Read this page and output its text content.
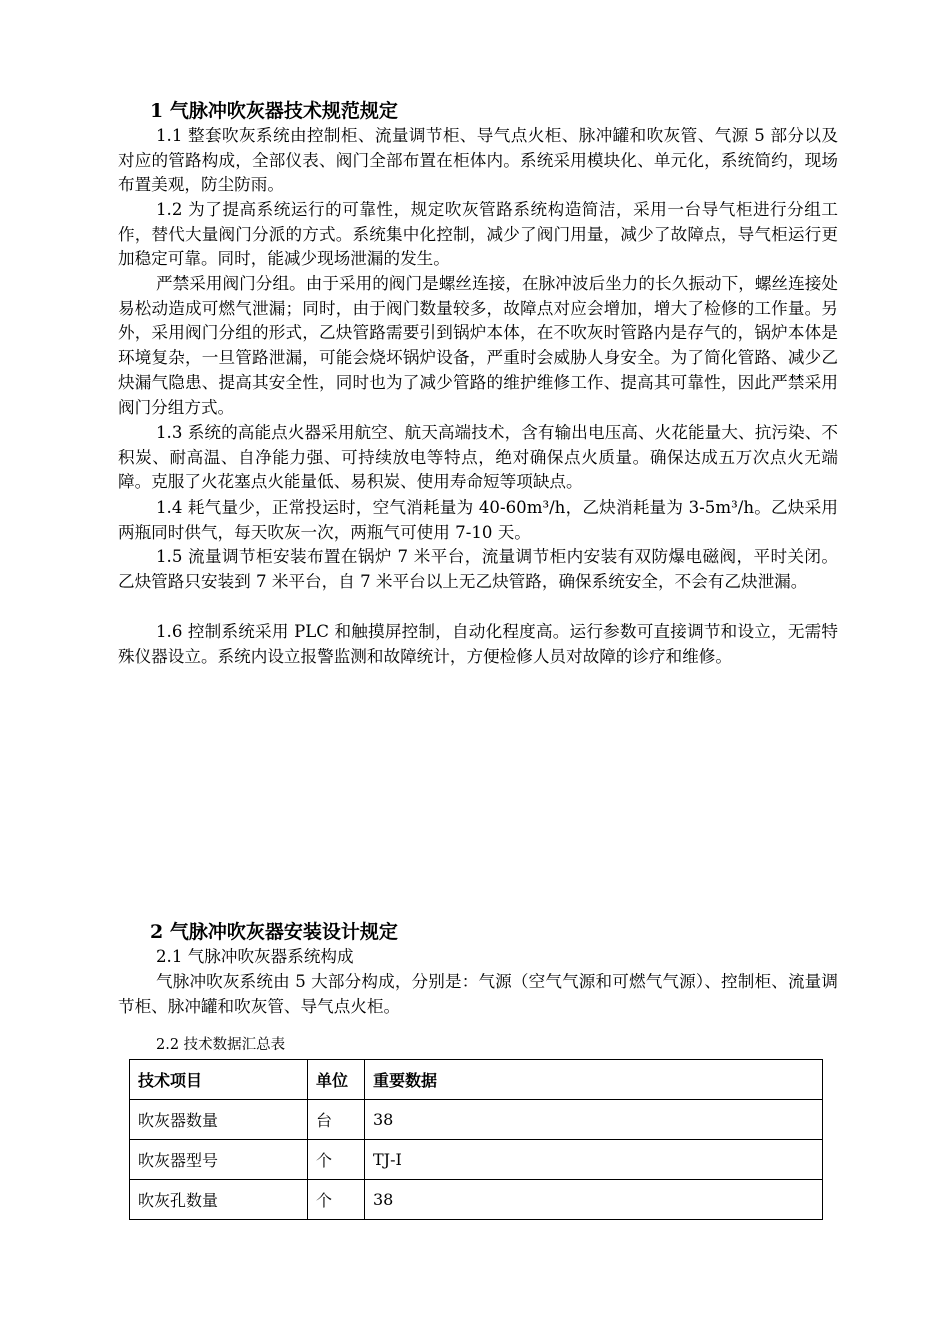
1 气脉冲吹灰器技术规范规定

1.1 整套吹灰系统由控制柜、流量调节柜、导气点火柜、脉冲罐和吹灰管、气源 5 部分以及对应的管路构成，全部仪表、阀门全部布置在柜体内。系统采用模块化、单元化，系统简约，现场布置美观，防尘防雨。

1.2 为了提高系统运行的可靠性，规定吹灰管路系统构造简洁，采用一台导气柜进行分组工作，替代大量阀门分派的方式。系统集中化控制，减少了阀门用量，减少了故障点，导气柜运行更加稳定可靠。同时，能减少现场泄漏的发生。

严禁采用阀门分组。由于采用的阀门是螺丝连接，在脉冲波后坐力的长久振动下，螺丝连接处易松动造成可燃气泄漏；同时，由于阀门数量较多，故障点对应会增加，增大了检修的工作量。另外，采用阀门分组的形式，乙炔管路需要引到锅炉本体，在不吹灰时管路内是存气的，锅炉本体是环境复杂，一旦管路泄漏，可能会烧坏锅炉设备，严重时会威胁人身安全。为了简化管路、减少乙炔漏气隐患、提高其安全性，同时也为了减少管路的维护维修工作、提高其可靠性，因此严禁采用阀门分组方式。

1.3 系统的高能点火器采用航空、航天高端技术，含有输出电压高、火花能量大、抗污染、不积炭、耐高温、自净能力强、可持续放电等特点，绝对确保点火质量。确保达成五万次点火无端障。克服了火花塞点火能量低、易积炭、使用寿命短等项缺点。

1.4 耗气量少，正常投运时，空气消耗量为 40-60m³/h，乙炔消耗量为 3-5m³/h。乙炔采用两瓶同时供气，每天吹灰一次，两瓶气可使用 7-10 天。

1.5 流量调节柜安装布置在锅炉 7 米平台，流量调节柜内安装有双防爆电磁阀，平时关闭。乙炔管路只安装到 7 米平台，自 7 米平台以上无乙炔管路，确保系统安全，不会有乙炔泄漏。

1.6 控制系统采用 PLC 和触摸屏控制，自动化程度高。运行参数可直接调节和设立，无需特殊仪器设立。系统内设立报警监测和故障统计，方便检修人员对故障的诊疗和维修。

2 气脉冲吹灰器安装设计规定

2.1 气脉冲吹灰器系统构成

气脉冲吹灰系统由 5 大部分构成，分别是：气源（空气气源和可燃气气源）、控制柜、流量调节柜、脉冲罐和吹灰管、导气点火柜。

2.2 技术数据汇总表

技术项目	单位	重要数据
吹灰器数量	台	38
吹灰器型号	个	TJ-Ⅰ
吹灰孔数量	个	38
